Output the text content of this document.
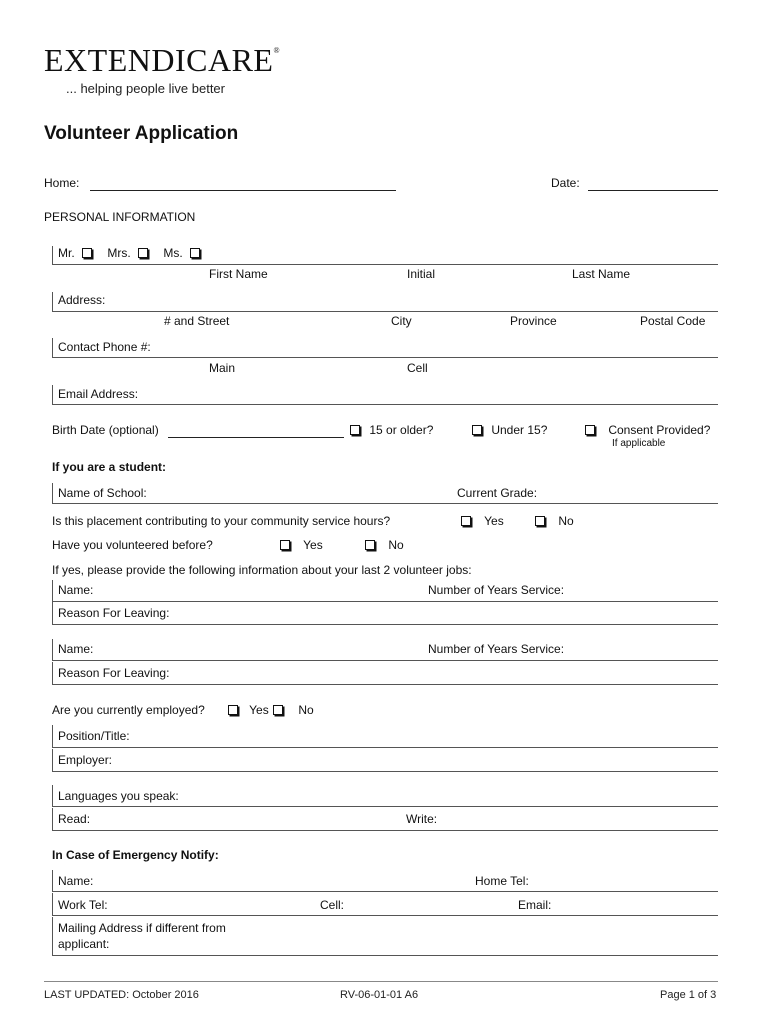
EXTENDICARE ®
... helping people live better
Volunteer Application
Home:	Date:
PERSONAL INFORMATION
Mr.	Mrs.	Ms.
First Name	Initial	Last Name
Address:
# and Street	City	Province	Postal Code
Contact Phone #:
Main	Cell
Email Address:
Birth Date (optional)	15 or older?	Under 15?	Consent Provided?
If applicable
If you are a student:
Name of School:	Current Grade:
Is this placement contributing to your community service hours?	Yes	No
Have you volunteered before?	Yes	No
If yes, please provide the following information about your last 2 volunteer jobs:
Name:	Number of Years Service:
Reason For Leaving:
Name:	Number of Years Service:
Reason For Leaving:
Are you currently employed?	Yes	No
Position/Title:
Employer:
Languages you speak:
Read:	Write:
In Case of Emergency Notify:
Name:	Home Tel:
Work Tel:	Cell:	Email:
Mailing Address if different from
applicant:
LAST UPDATED: October 2016	RV-06-01-01 A6	Page 1 of 3
